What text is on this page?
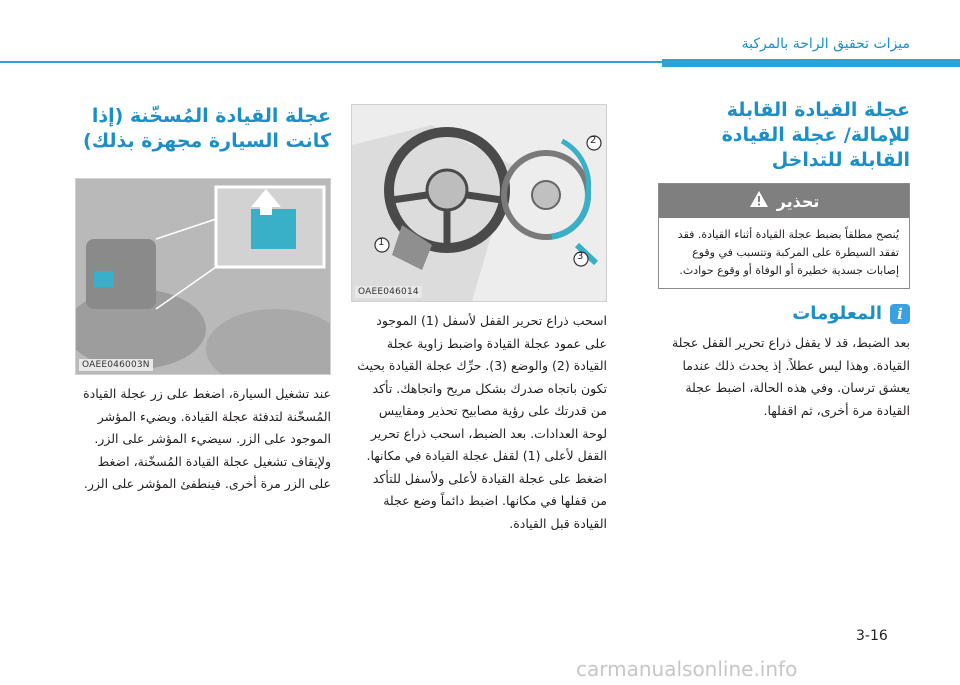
ميزات تحقيق الراحة بالمركبة
عجلة القيادة القابلة للإمالة/ عجلة القيادة القابلة للتداخل
تحذير
يُنصح مطلقاً بضبط عجلة القيادة أثناء القيادة. فقد تفقد السيطرة على المركبة وتتسبب في وقوع إصابات جسدية خطيرة أو الوفاة أو وقوع حوادث.
i
المعلومات

بعد الضبط، قد لا يقفل ذراع تحرير القفل عجلة القيادة. وهذا ليس عطلاً. إذ يحدث ذلك عندما يعشق ترسان. وفي هذه الحالة، اضبط عجلة القيادة مرة أخرى، ثم اقفلها.

1
2
3
OAEE046014

اسحب ذراع تحرير القفل لأسفل (1) الموجود على عمود عجلة القيادة واضبط زاوية عجلة القيادة (2) والوضع (3). حرِّك عجلة القيادة بحيث تكون باتجاه صدرك بشكل مريح واتجاهك. تأكد من قدرتك على رؤية مصابيح تحذير ومقاييس لوحة العدادات. بعد الضبط، اسحب ذراع تحرير القفل لأعلى (1) لقفل عجلة القيادة في مكانها. اضغط على عجلة القيادة لأعلى ولأسفل للتأكد من قفلها في مكانها. اضبط دائماً وضع عجلة القيادة قبل القيادة.

عجلة القيادة المُسخّنة (إذا كانت السيارة مجهزة بذلك)
OAEE046003N

عند تشغيل السيارة، اضغط على زر عجلة القيادة المُسخّنة لتدفئة عجلة القيادة. ويضيء المؤشر الموجود على الزر. سيضيء المؤشر على الزر. ولإيقاف تشغيل عجلة القيادة المُسخّنة، اضغط على الزر مرة أخرى. فينطفئ المؤشر على الزر.

3-16
carmanualsonline.info
